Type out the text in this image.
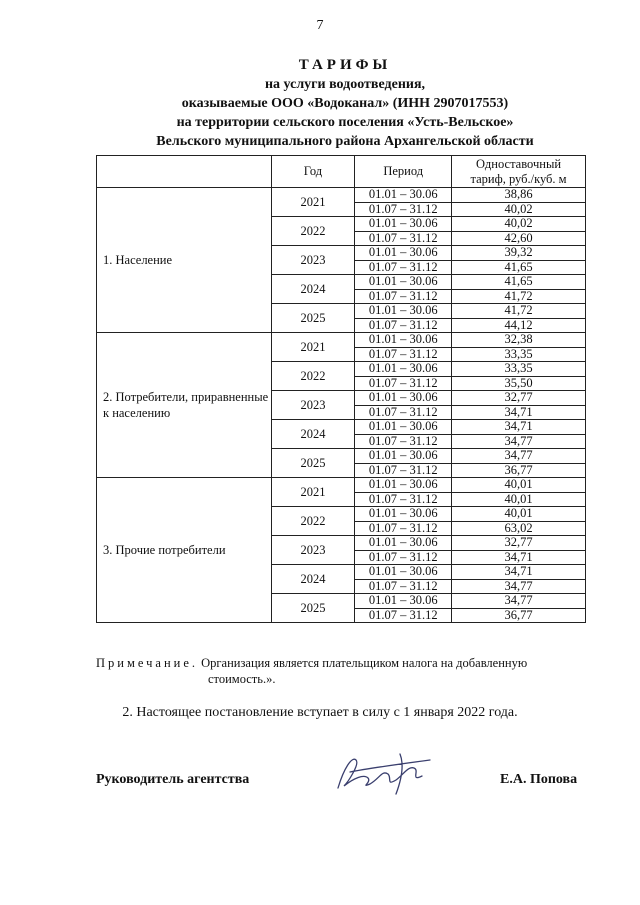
7
ТАРИФЫ
на услуги водоотведения,
оказываемые ООО «Водоканал» (ИНН 2907017553)
на территории сельского поселения «Усть-Вельское»
Вельского муниципального района Архангельской области
	Год	Период	Одноставочный тариф, руб./куб. м
1. Население	2021	01.01 – 30.06	38,86
		01.07 – 31.12	40,02
	2022	01.01 – 30.06	40,02
		01.07 – 31.12	42,60
	2023	01.01 – 30.06	39,32
		01.07 – 31.12	41,65
	2024	01.01 – 30.06	41,65
		01.07 – 31.12	41,72
	2025	01.01 – 30.06	41,72
		01.07 – 31.12	44,12
2. Потребители, приравненные к населению	2021	01.01 – 30.06	32,38
		01.07 – 31.12	33,35
	2022	01.01 – 30.06	33,35
		01.07 – 31.12	35,50
	2023	01.01 – 30.06	32,77
		01.07 – 31.12	34,71
	2024	01.01 – 30.06	34,71
		01.07 – 31.12	34,77
	2025	01.01 – 30.06	34,77
		01.07 – 31.12	36,77
3. Прочие потребители	2021	01.01 – 30.06	40,01
		01.07 – 31.12	40,01
	2022	01.01 – 30.06	40,01
		01.07 – 31.12	63,02
	2023	01.01 – 30.06	32,77
		01.07 – 31.12	34,71
	2024	01.01 – 30.06	34,71
		01.07 – 31.12	34,77
	2025	01.01 – 30.06	34,77
		01.07 – 31.12	36,77
Примечание. Организация является плательщиком налога на добавленную
стоимость.».
2. Настоящее постановление вступает в силу с 1 января 2022 года.
Руководитель агентства	Е.А. Попова
